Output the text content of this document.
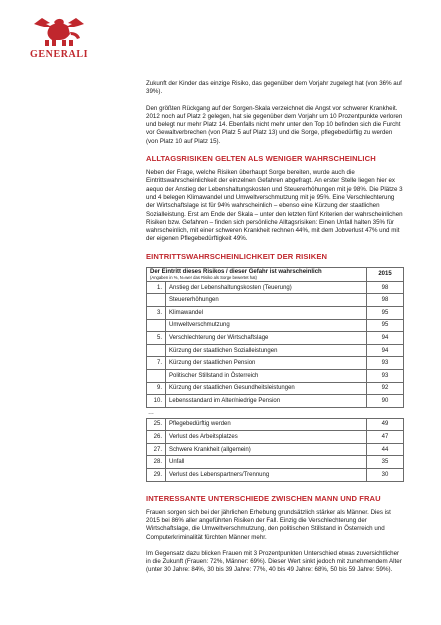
GENERALI

Zukunft der Kinder das einzige Risiko, das gegenüber dem Vorjahr zugelegt hat (von 36% auf 39%).

Den größten Rückgang auf der Sorgen-Skala verzeichnet die Angst vor schwerer Krankheit. 2012 noch auf Platz 2 gelegen, hat sie gegenüber dem Vorjahr um 10 Prozentpunkte verloren und belegt nur mehr Platz 14. Ebenfalls nicht mehr unter den Top 10 befinden sich die Furcht vor Gewaltverbrechen (von Platz 5 auf Platz 13) und die Sorge, pflegebedürftig zu werden (von Platz 10 auf Platz 15).

ALLTAGSRISIKEN GELTEN ALS WENIGER WAHRSCHEINLICH

Neben der Frage, welche Risiken überhaupt Sorge bereiten, wurde auch die Eintrittswahrscheinlichkeit der einzelnen Gefahren abgefragt. An erster Stelle liegen hier ex aequo der Anstieg der Lebenshaltungskosten und Steuererhöhungen mit je 98%. Die Plätze 3 und 4 belegen Klimawandel und Umweltverschmutzung mit je 95%. Eine Verschlechterung der Wirtschaftslage ist für 94% wahrscheinlich – ebenso eine Kürzung der staatlichen Sozialleistung. Erst am Ende der Skala – unter den letzten fünf Kriterien der wahrscheinlichen Risiken bzw. Gefahren – finden sich persönliche Alltagsrisiken: Einen Unfall halten 35% für wahrscheinlich, mit einer schweren Krankheit rechnen 44%, mit dem Jobverlust 47% und mit der eigenen Pflegebedürftigkeit 49%.

EINTRITTSWAHRSCHEINLICHKEIT DER RISIKEN
Der Eintritt dieses Risikos / dieser Gefahr ist wahrscheinlich
(Angaben in %, N=wer das Risiko als Sorge bewertet hat)		2015
1.	Anstieg der Lebenshaltungskosten (Teuerung)	98
	Steuererhöhungen	98
3.	Klimawandel	95
	Umweltverschmutzung	95
5.	Verschlechterung der Wirtschaftslage	94
	Kürzung der staatlichen Sozialleistungen	94
7.	Kürzung der staatlichen Pension	93
	Politischer Stillstand in Österreich	93
9.	Kürzung der staatlichen Gesundheitsleistungen	92
10.	Lebensstandard im Alter/niedrige Pension	90
…
25.	Pflegebedürftig werden	49
26.	Verlust des Arbeitsplatzes	47
27.	Schwere Krankheit (allgemein)	44
28.	Unfall	35
29.	Verlust des Lebenspartners/Trennung	30
INTERESSANTE UNTERSCHIEDE ZWISCHEN MANN UND FRAU

Frauen sorgen sich bei der jährlichen Erhebung grundsätzlich stärker als Männer. Dies ist 2015 bei 86% aller angeführten Risiken der Fall. Einzig die Verschlechterung der Wirtschaftslage, die Umweltverschmutzung, den politischen Stillstand in Österreich und Computerkriminalität fürchten Männer mehr.

Im Gegensatz dazu blicken Frauen mit 3 Prozentpunkten Unterschied etwas zuversichtlicher in die Zukunft (Frauen: 72%, Männer: 69%). Dieser Wert sinkt jedoch mit zunehmendem Alter (unter 30 Jahre: 84%, 30 bis 39 Jahre: 77%, 40 bis 49 Jahre: 68%, 50 bis 59 Jahre: 59%).
